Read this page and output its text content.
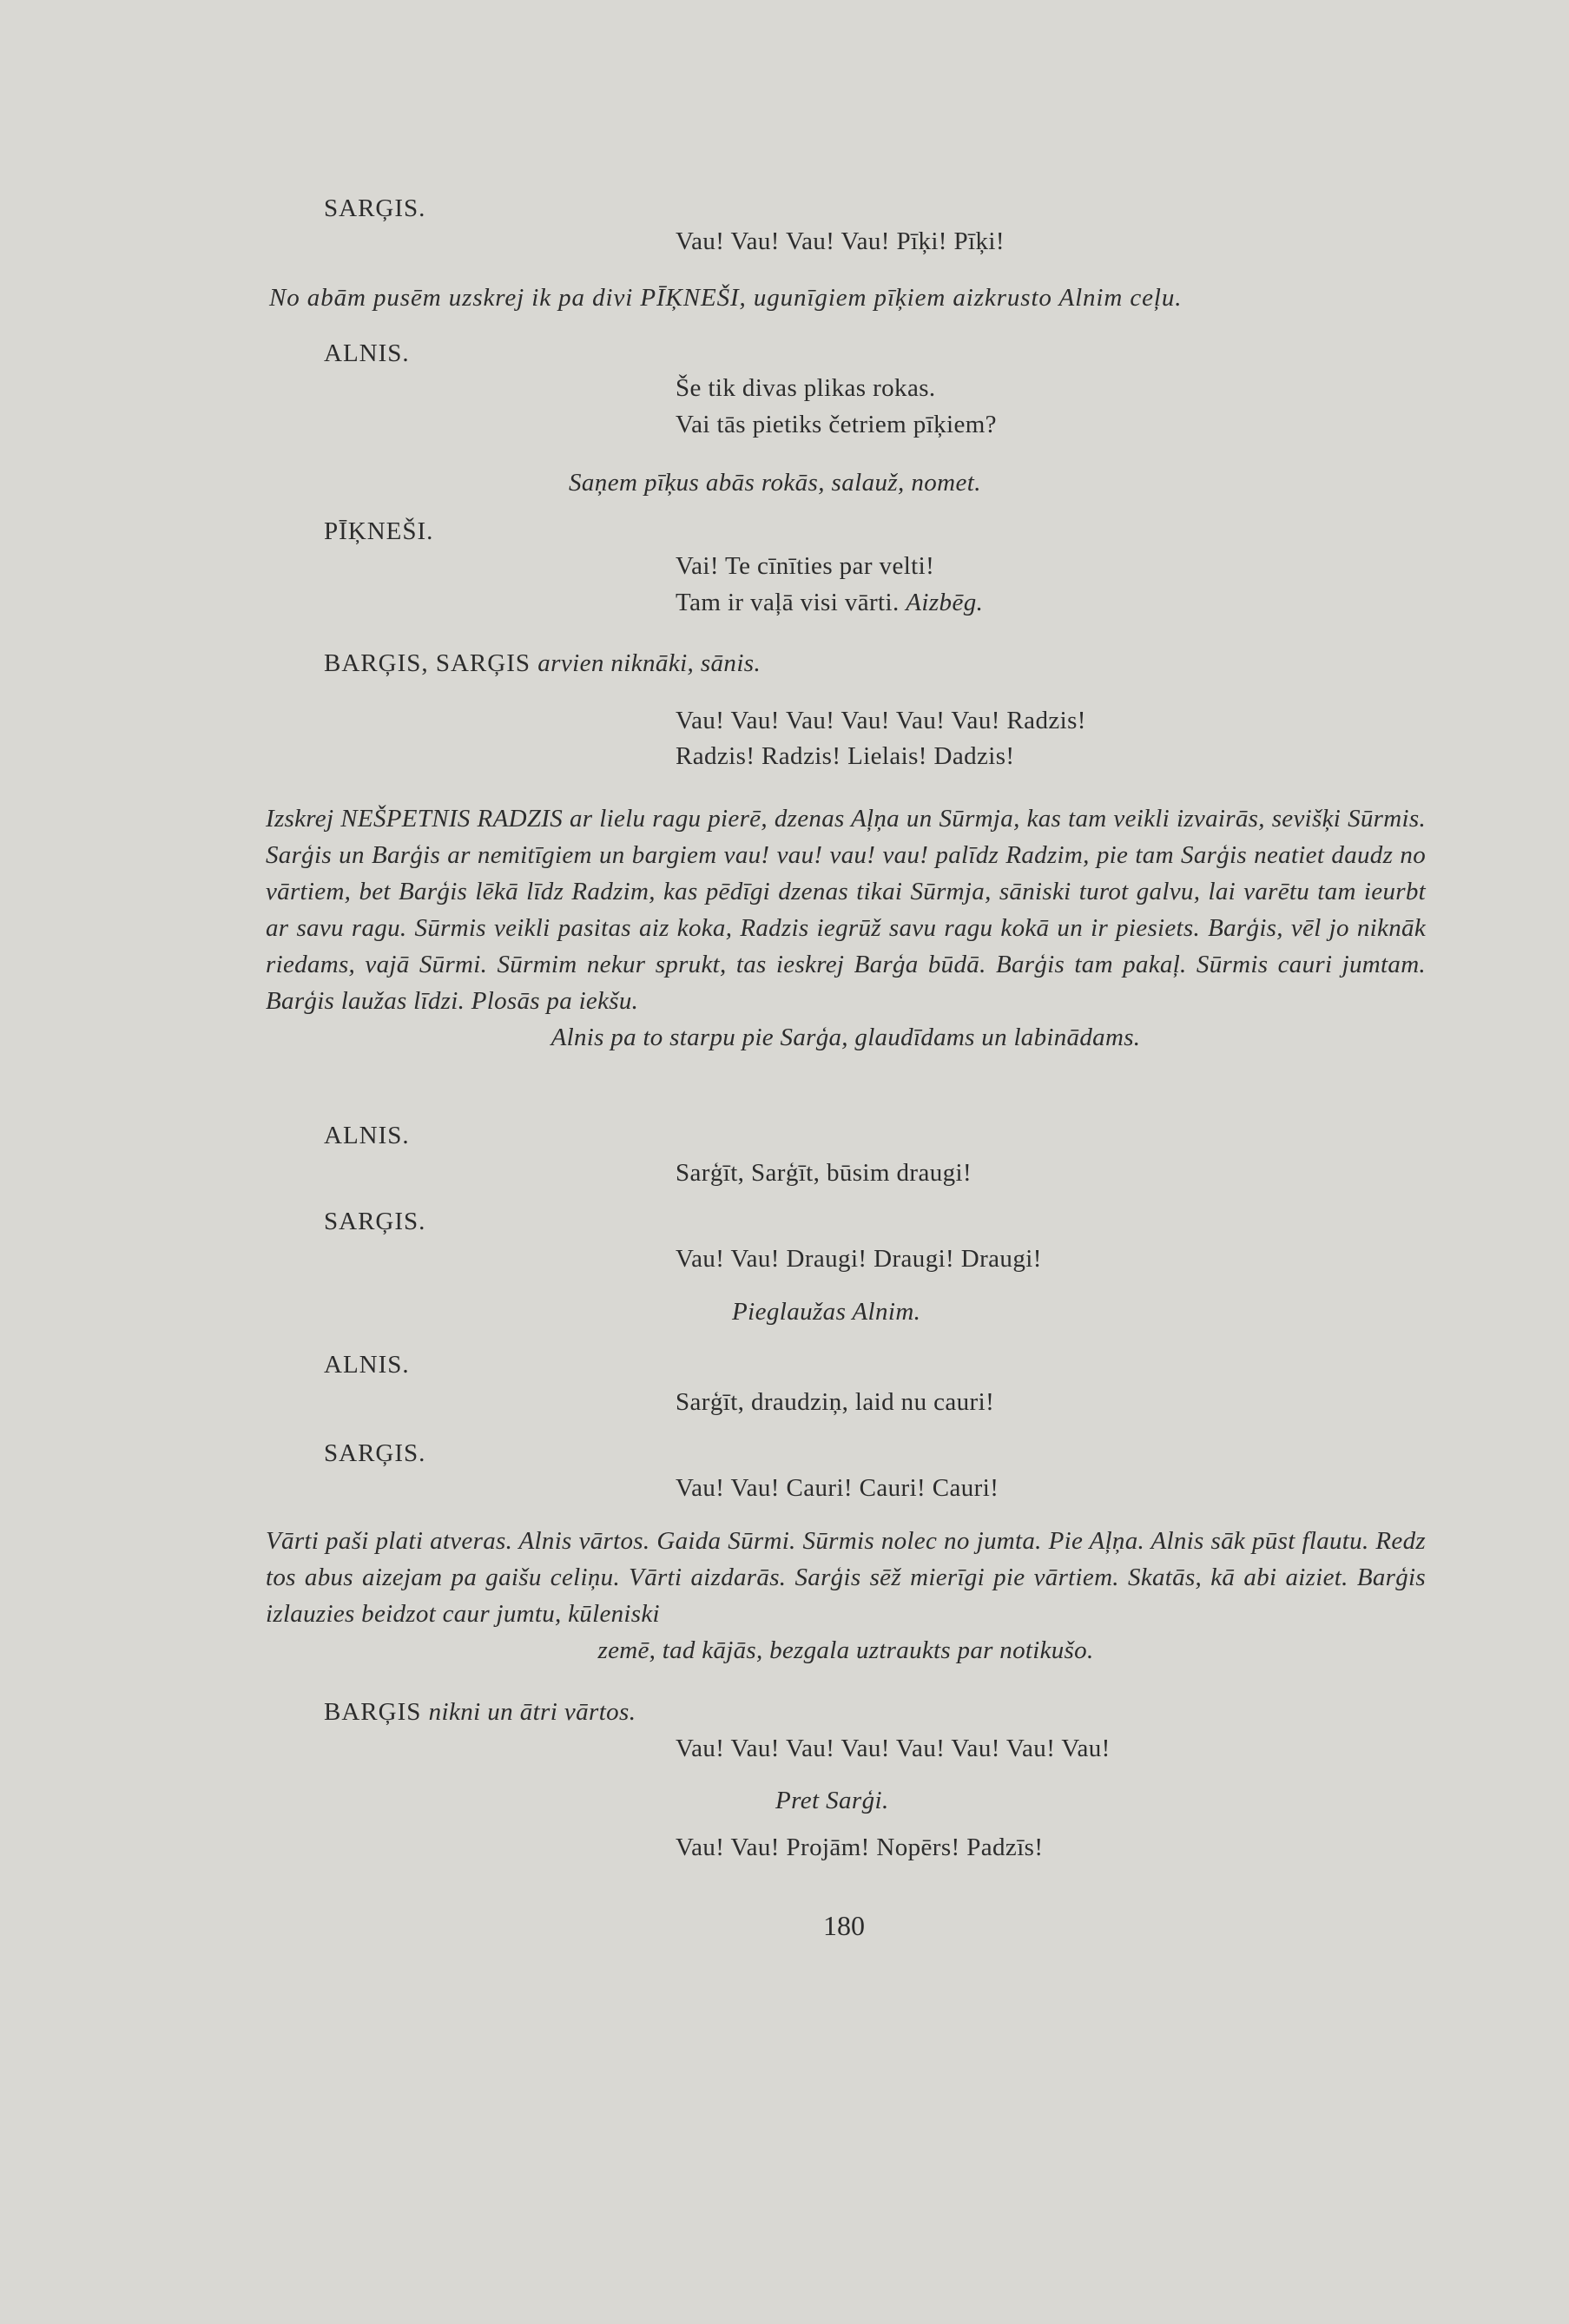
SARĢIS.
Vau! Vau! Vau! Vau! Pīķi! Pīķi!
No abām pusēm uzskrej ik pa divi PĪĶNEŠI, ugunīgiem pīķiem aizkrusto Alnim ceļu.
ALNIS.
Še tik divas plikas rokas.
Vai tās pietiks četriem pīķiem?
Saņem pīķus abās rokās, salauž, nomet.
PĪĶNEŠI.
Vai! Te cīnīties par velti!
Tam ir vaļā visi vārti. Aizbēg.
BARĢIS, SARĢIS arvien niknāki, sānis.
Vau! Vau! Vau! Vau! Vau! Vau! Radzis!
Radzis! Radzis! Lielais! Dadzis!
Izskrej NEŠPETNIS RADZIS ar lielu ragu pierē, dzenas Aļņa un Sūrmja, kas tam veikli izvairās, sevišķi Sūrmis. Sarģis un Barģis ar nemitīgiem un bargiem vau! vau! vau! vau! palīdz Radzim, pie tam Sarģis neatiet daudz no vārtiem, bet Barģis lēkā līdz Radzim, kas pēdīgi dzenas tikai Sūrmja, sāniski turot galvu, lai varētu tam ieurbt ar savu ragu. Sūrmis veikli pasitas aiz koka, Radzis iegrūž savu ragu kokā un ir piesiets. Barģis, vēl jo niknāk riedams, vajā Sūrmi. Sūrmim nekur sprukt, tas ieskrej Barģa būdā. Barģis tam pakaļ. Sūrmis cauri jumtam. Barģis laužas līdzi. Plosās pa iekšu.
Alnis pa to starpu pie Sarģa, glaudīdams un labinādams.
ALNIS.
Sarģīt, Sarģīt, būsim draugi!
SARĢIS.
Vau! Vau! Draugi! Draugi! Draugi!
Pieglaužas Alnim.
ALNIS.
Sarģīt, draudziņ, laid nu cauri!
SARĢIS.
Vau! Vau! Cauri! Cauri! Cauri!
Vārti paši plati atveras. Alnis vārtos. Gaida Sūrmi. Sūrmis nolec no jumta. Pie Aļņa. Alnis sāk pūst flautu. Redz tos abus aizejam pa gaišu celiņu. Vārti aizdarās. Sarģis sēž mierīgi pie vārtiem. Skatās, kā abi aiziet. Barģis izlauzies beidzot caur jumtu, kūleniski
zemē, tad kājās, bezgala uztraukts par notikušo.
BARĢIS nikni un ātri vārtos.
Vau! Vau! Vau! Vau! Vau! Vau! Vau! Vau!
Pret Sarģi.
Vau! Vau! Projām! Nopērs! Padzīs!
180
